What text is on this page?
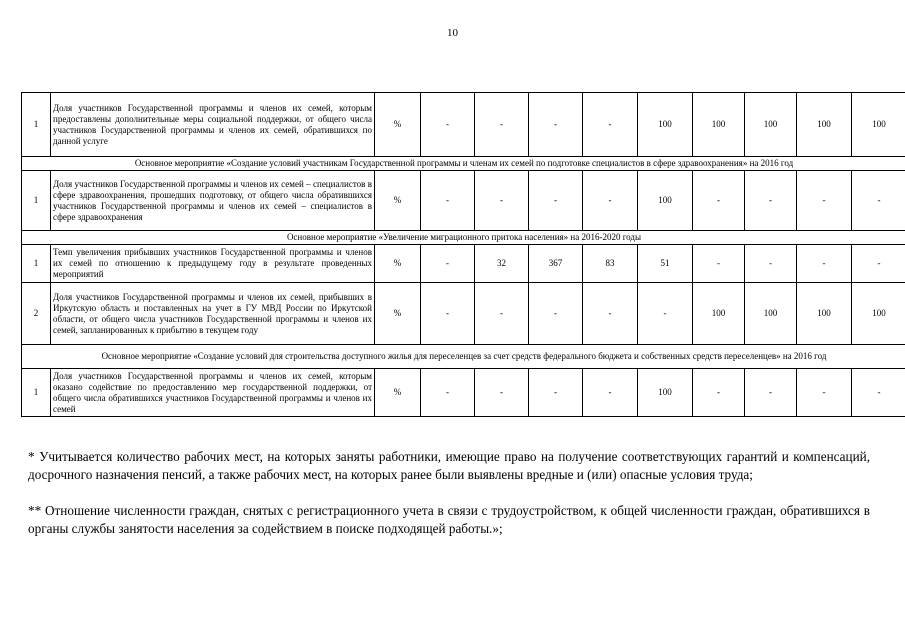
10
1	Доля участников Государственной программы и членов их семей, которым предоставлены дополнительные меры социальной поддержки, от общего числа участников Государственной программы и членов их семей, обратившихся по данной услуге	%	-	-	-	-	100	100	100	100	100
Основное мероприятие «Создание условий участникам Государственной программы и членам их семей по подготовке специалистов в сфере здравоохранения» на 2016 год											
1	Доля участников Государственной программы и членов их семей – специалистов в сфере здравоохранения, прошедших подготовку, от общего числа обратившихся участников Государственной программы и членов их семей – специалистов в сфере здравоохранения	%	-	-	-	-	100	-	-	-	-
Основное мероприятие «Увеличение миграционного притока населения» на 2016-2020 годы											
1	Темп увеличения прибывших участников Государственной программы и членов их семей по отношению к предыдущему году в результате проведенных мероприятий	%	-	32	367	83	51	-	-	-	-
2	Доля участников Государственной программы и членов их семей, прибывших в Иркутскую область и поставленных на учет в ГУ МВД России по Иркутской области, от общего числа участников Государственной программы и членов их семей, запланированных к прибытию в текущем году	%	-	-	-	-	-	100	100	100	100
Основное мероприятие «Создание условий для строительства доступного жилья для переселенцев за счет средств федерального бюджета и собственных средств переселенцев» на 2016 год											
1	Доля участников Государственной программы и членов их семей, которым оказано содействие по предоставлению мер государственной поддержки, от общего числа обратившихся участников Государственной программы и членов их семей	%	-	-	-	-	100	-	-	-	-
* Учитывается количество рабочих мест, на которых заняты работники, имеющие право на получение соответствующих гарантий и компенсаций, досрочного назначения пенсий, а также рабочих мест, на которых ранее были выявлены вредные и (или) опасные условия труда;
** Отношение численности граждан, снятых с регистрационного учета в связи с трудоустройством, к общей численности граждан, обратившихся в органы службы занятости населения за содействием в поиске подходящей работы.»;
